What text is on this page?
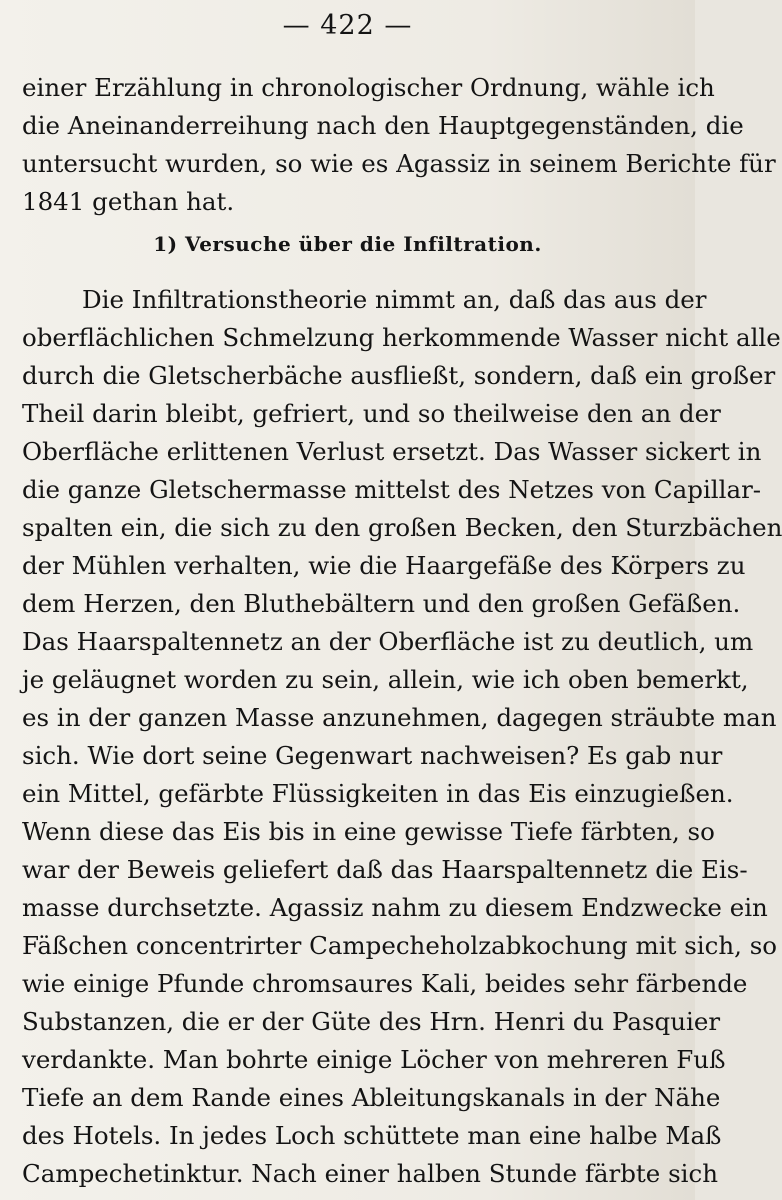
— 422 —
einer Erzählung in chronologischer Ordnung, wähle ich
die Aneinanderreihung nach den Hauptgegenständen, die
untersucht wurden, so wie es Agassiz in seinem Berichte für
1841 gethan hat.
1) Versuche über die Infiltration.
Die Infiltrationstheorie nimmt an, daß das aus der
oberflächlichen Schmelzung herkommende Wasser nicht alle
durch die Gletscherbäche ausfließt, sondern, daß ein großer
Theil darin bleibt, gefriert, und so theilweise den an der
Oberfläche erlittenen Verlust ersetzt. Das Wasser sickert in
die ganze Gletschermasse mittelst des Netzes von Capillar-
spalten ein, die sich zu den großen Becken, den Sturzbächen
der Mühlen verhalten, wie die Haargefäße des Körpers zu
dem Herzen, den Bluthebältern und den großen Gefäßen.
Das Haarspaltennetz an der Oberfläche ist zu deutlich, um
je geläugnet worden zu sein, allein, wie ich oben bemerkt,
es in der ganzen Masse anzunehmen, dagegen sträubte man
sich. Wie dort seine Gegenwart nachweisen? Es gab nur
ein Mittel, gefärbte Flüssigkeiten in das Eis einzugießen.
Wenn diese das Eis bis in eine gewisse Tiefe färbten, so
war der Beweis geliefert daß das Haarspaltennetz die Eis-
masse durchsetzte. Agassiz nahm zu diesem Endzwecke ein
Fäßchen concentrirter Campecheholzabkochung mit sich, so
wie einige Pfunde chromsaures Kali, beides sehr färbende
Substanzen, die er der Güte des Hrn. Henri du Pasquier
verdankte. Man bohrte einige Löcher von mehreren Fuß
Tiefe an dem Rande eines Ableitungskanals in der Nähe
des Hotels. In jedes Loch schüttete man eine halbe Maß
Campechetinktur. Nach einer halben Stunde färbte sich
